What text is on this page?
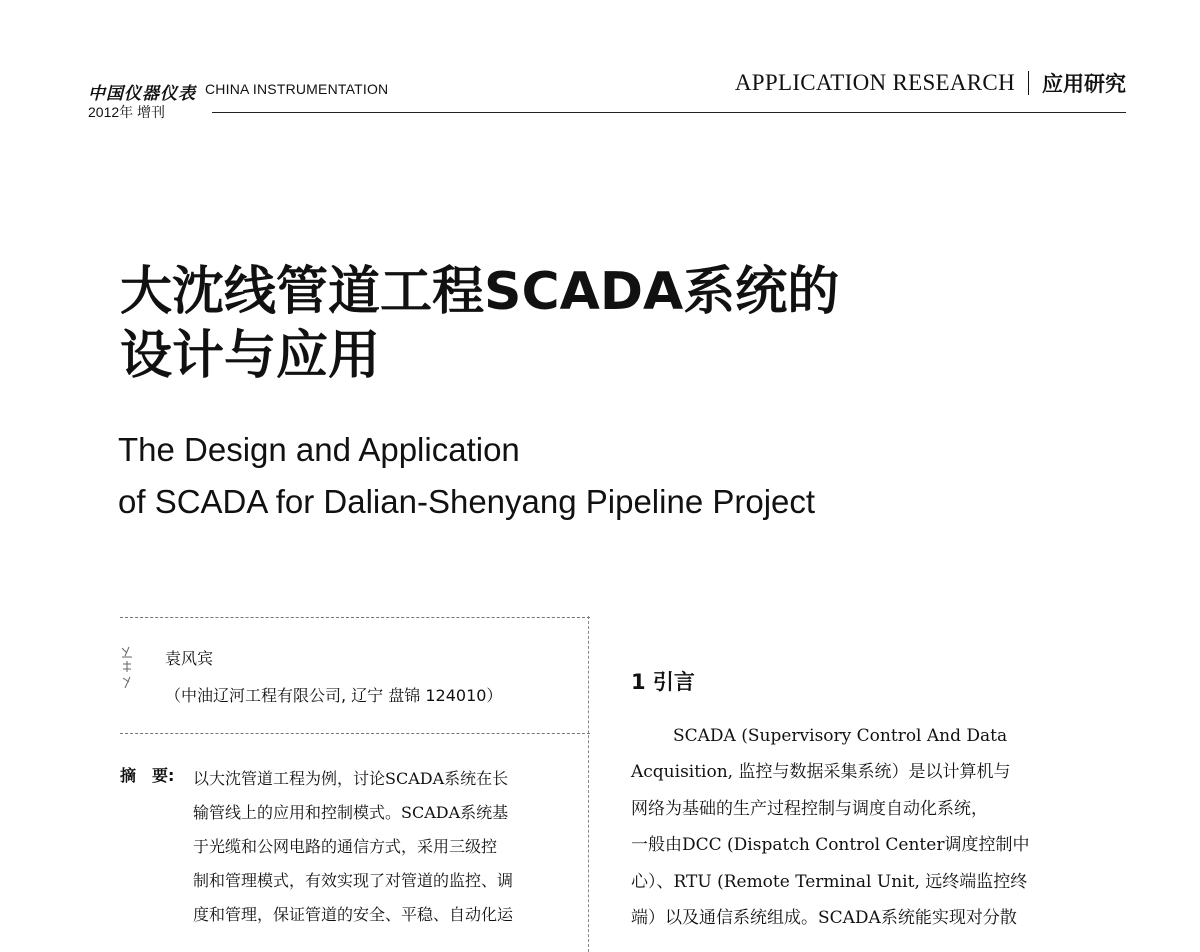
中国仪器仪表 CHINA INSTRUMENTATION
2012年 增刊
APPLICATION RESEARCH 应用研究
大沈线管道工程SCADA系统的
设计与应用
The Design and Application
of SCADA for Dalian-Shenyang Pipeline Project
袁风宾
（中油辽河工程有限公司, 辽宁 盘锦 124010）
摘　要: 以大沈管道工程为例，讨论SCADA系统在长
输管线上的应用和控制模式。SCADA系统基
于光缆和公网电路的通信方式，采用三级控
制和管理模式，有效实现了对管道的监控、调
度和管理，保证管道的安全、平稳、自动化运
1 引言
SCADA (Supervisory Control And Data
Acquisition, 监控与数据采集系统）是以计算机与
网络为基础的生产过程控制与调度自动化系统，
一般由DCC (Dispatch Control Center调度控制中
心）、RTU (Remote Terminal Unit, 远终端监控终
端）以及通信系统组成。SCADA系统能实现对分散
